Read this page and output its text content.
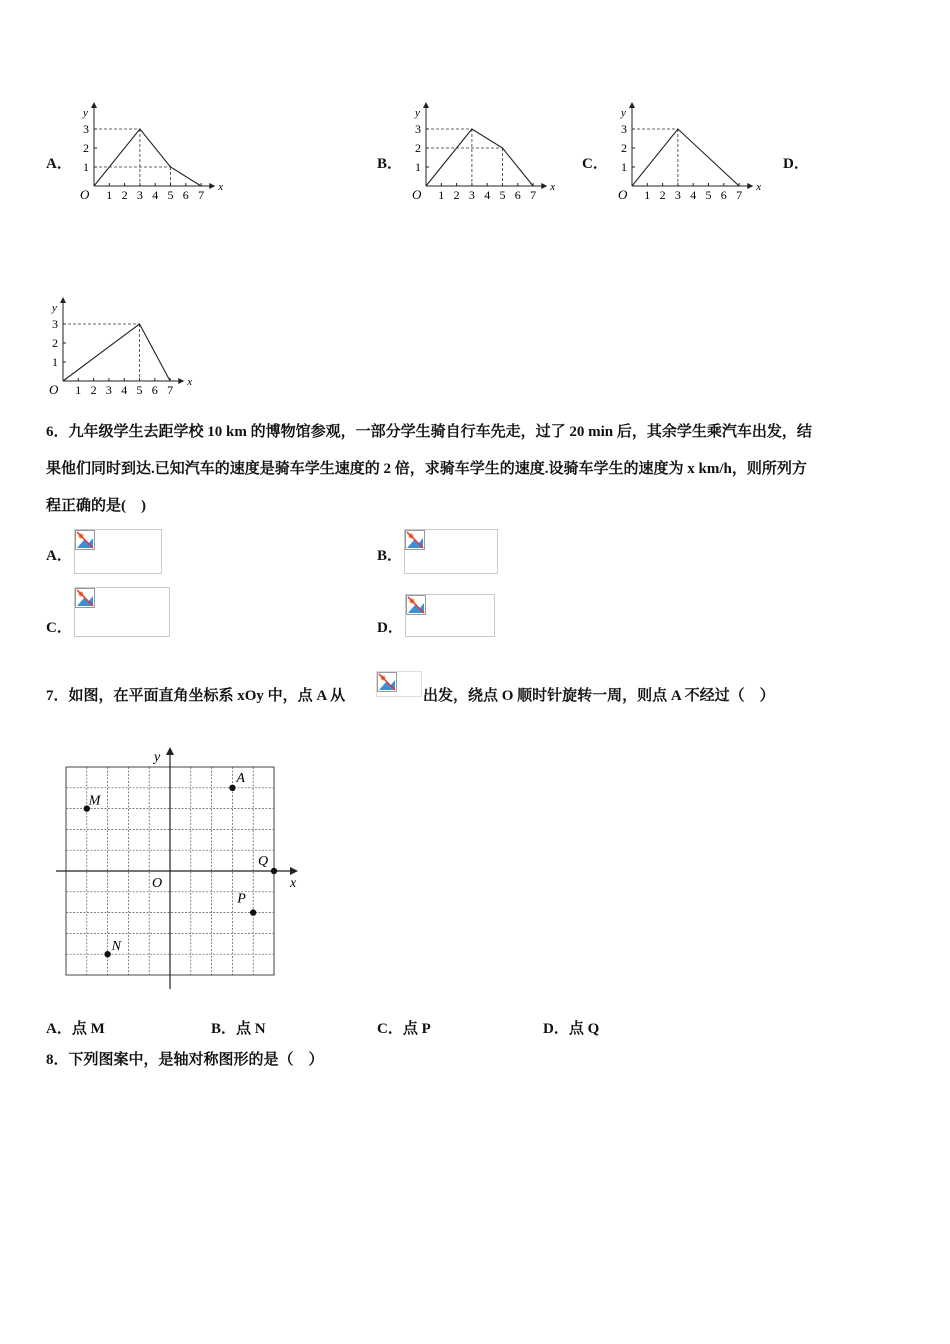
A．	B．	C．	D．
y
x
O 1 2 3 4 5 6 7
1
2
3
y
x
O 1 2 3 4 5 6 7
1
2
3
y
x
O 1 2 3 4 5 6 7
1
2
3
y
x
O 1 2 3 4 5 6 7
1
2
3
6．九年级学生去距学校 10 km 的博物馆参观，一部分学生骑自行车先走，过了 20 min 后，其余学生乘汽车出发，结
果他们同时到达.已知汽车的速度是骑车学生速度的 2 倍，求骑车学生的速度.设骑车学生的速度为 x km/h，则所列方
程正确的是(　)
A．	B．
C．	D．
7．如图，在平面直角坐标系 xOy 中，点 A 从	出发，绕点 O 顺时针旋转一周，则点 A 不经过（　）
y
x
O
A
M
Q
P
N
A．点 M	B．点 N	C．点 P	D．点 Q
8．下列图案中，是轴对称图形的是（　）
